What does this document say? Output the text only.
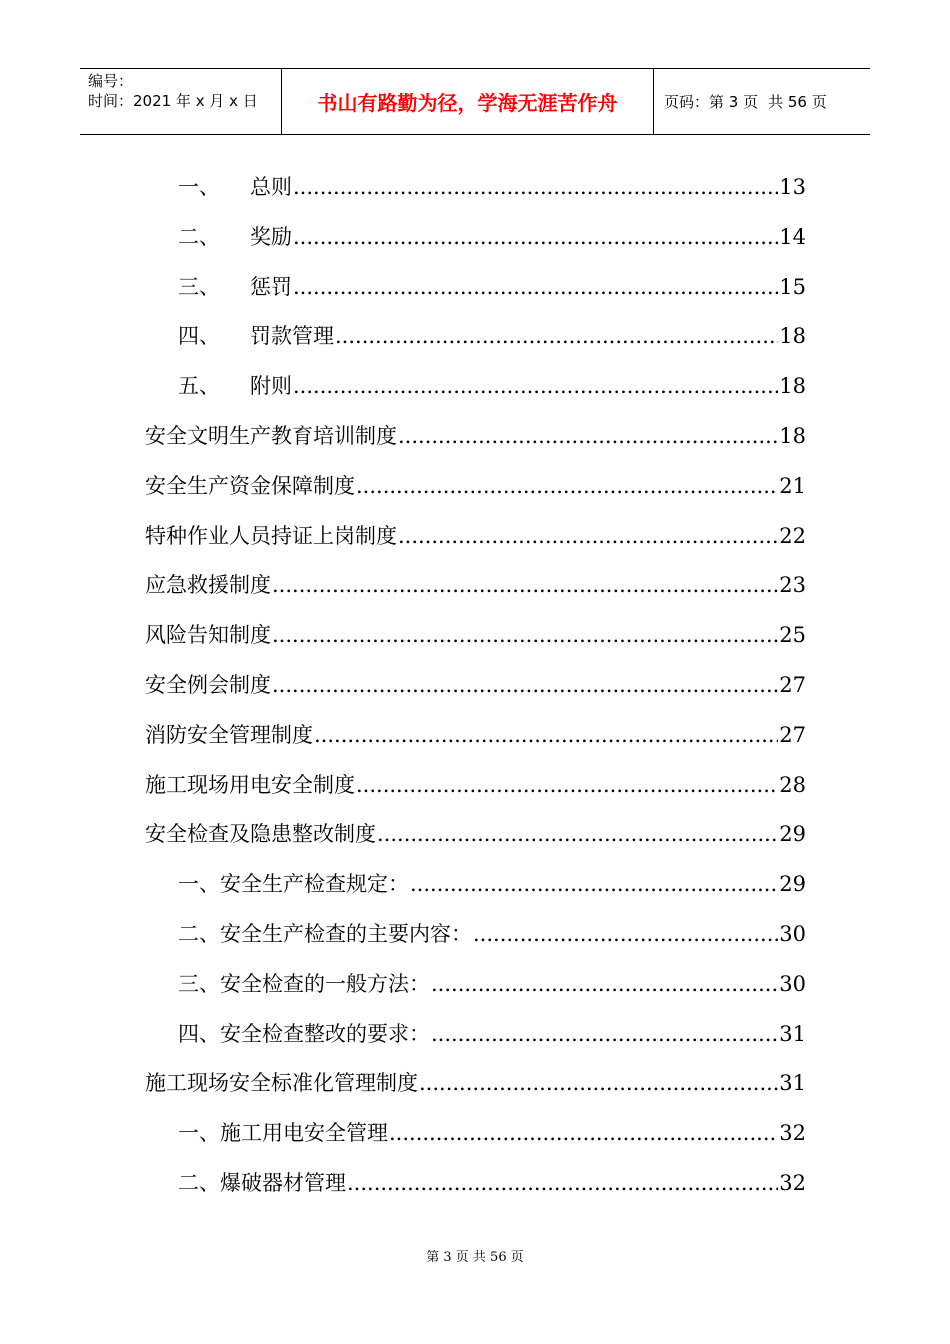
编号：
时间：2021 年 x 月 x 日	书山有路勤为径，学海无涯苦作舟	页码：第 3 页 共 56 页
一、 总则 .....	13
二、 奖励 .....	14
三、 惩罚 .....	15
四、 罚款管理 .....	18
五、 附则 .....	18
安全文明生产教育培训制度 .....	18
安全生产资金保障制度 .....	21
特种作业人员持证上岗制度 .....	22
应急救援制度 .....	23
风险告知制度 .....	25
安全例会制度 .....	27
消防安全管理制度 .....	27
施工现场用电安全制度 .....	28
安全检查及隐患整改制度 .....	29
一、安全生产检查规定： .....	29
二、安全生产检查的主要内容： .....	30
三、安全检查的一般方法： .....	30
四、安全检查整改的要求： .....	31
施工现场安全标准化管理制度 .....	31
一、施工用电安全管理 .....	32
二、爆破器材管理 .....	32
第 3 页 共 56 页
